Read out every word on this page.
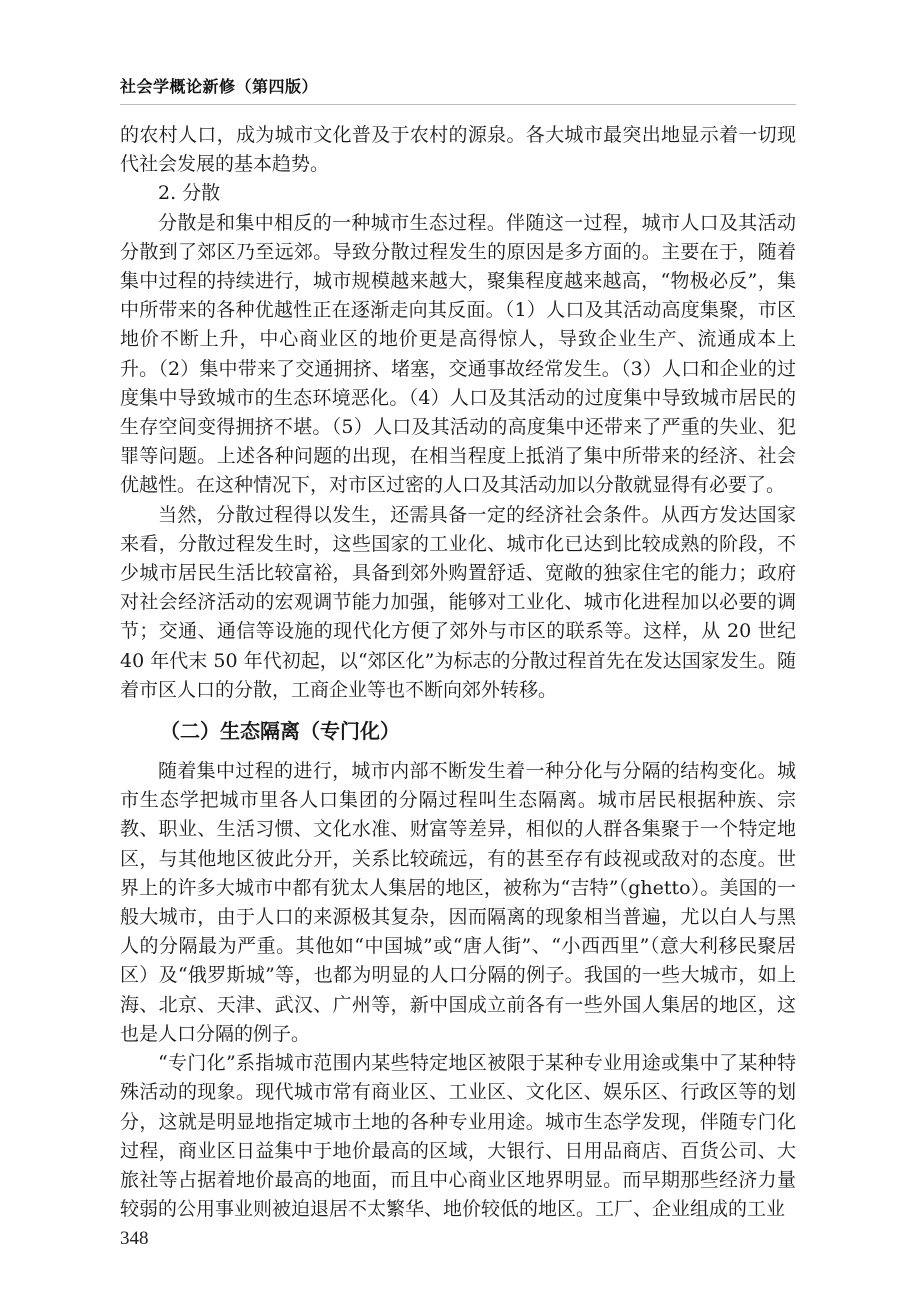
社会学概论新修（第四版）

的农村人口，成为城市文化普及于农村的源泉。各大城市最突出地显示着一切现代社会发展的基本趋势。

2. 分散

分散是和集中相反的一种城市生态过程。伴随这一过程，城市人口及其活动分散到了郊区乃至远郊。导致分散过程发生的原因是多方面的。主要在于，随着集中过程的持续进行，城市规模越来越大，聚集程度越来越高，“物极必反”，集中所带来的各种优越性正在逐渐走向其反面。（1）人口及其活动高度集聚，市区地价不断上升，中心商业区的地价更是高得惊人，导致企业生产、流通成本上升。（2）集中带来了交通拥挤、堵塞，交通事故经常发生。（3）人口和企业的过度集中导致城市的生态环境恶化。（4）人口及其活动的过度集中导致城市居民的生存空间变得拥挤不堪。（5）人口及其活动的高度集中还带来了严重的失业、犯罪等问题。上述各种问题的出现，在相当程度上抵消了集中所带来的经济、社会优越性。在这种情况下，对市区过密的人口及其活动加以分散就显得有必要了。

当然，分散过程得以发生，还需具备一定的经济社会条件。从西方发达国家来看，分散过程发生时，这些国家的工业化、城市化已达到比较成熟的阶段，不少城市居民生活比较富裕，具备到郊外购置舒适、宽敞的独家住宅的能力；政府对社会经济活动的宏观调节能力加强，能够对工业化、城市化进程加以必要的调节；交通、通信等设施的现代化方便了郊外与市区的联系等。这样，从 20 世纪 40 年代末 50 年代初起，以“郊区化”为标志的分散过程首先在发达国家发生。随着市区人口的分散，工商企业等也不断向郊外转移。

（二）生态隔离（专门化）

随着集中过程的进行，城市内部不断发生着一种分化与分隔的结构变化。城市生态学把城市里各人口集团的分隔过程叫生态隔离。城市居民根据种族、宗教、职业、生活习惯、文化水准、财富等差异，相似的人群各集聚于一个特定地区，与其他地区彼此分开，关系比较疏远，有的甚至存有歧视或敌对的态度。世界上的许多大城市中都有犹太人集居的地区，被称为“吉特”（ghetto）。美国的一般大城市，由于人口的来源极其复杂，因而隔离的现象相当普遍，尤以白人与黑人的分隔最为严重。其他如“中国城”或“唐人街”、“小西西里”（意大利移民聚居区）及“俄罗斯城”等，也都为明显的人口分隔的例子。我国的一些大城市，如上海、北京、天津、武汉、广州等，新中国成立前各有一些外国人集居的地区，这也是人口分隔的例子。

“专门化”系指城市范围内某些特定地区被限于某种专业用途或集中了某种特殊活动的现象。现代城市常有商业区、工业区、文化区、娱乐区、行政区等的划分，这就是明显地指定城市土地的各种专业用途。城市生态学发现，伴随专门化过程，商业区日益集中于地价最高的区域，大银行、日用品商店、百货公司、大旅社等占据着地价最高的地面，而且中心商业区地界明显。而早期那些经济力量较弱的公用事业则被迫退居不太繁华、地价较低的地区。工厂、企业组成的工业

348
